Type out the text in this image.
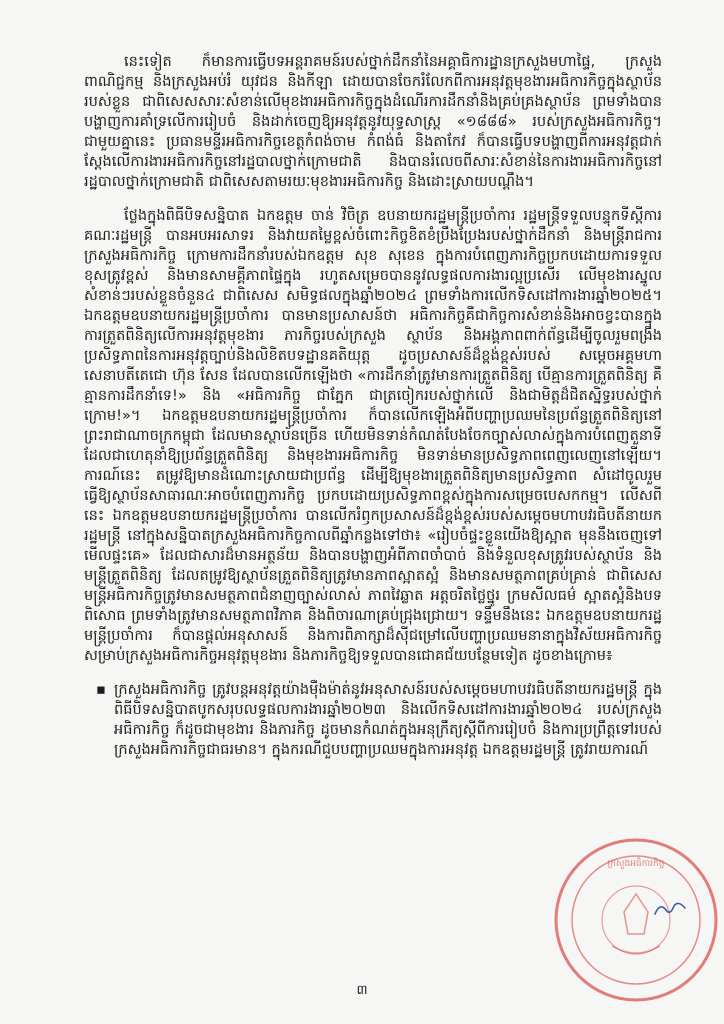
នេះទៀត ក៏មានការធ្វើបទអន្តរាគមន៍របស់ថ្នាក់ដឹកនាំនៃអគ្គាធិការដ្ឋានក្រសួងមហាផ្ទៃ, ក្រសួងពាណិជ្ជកម្ម និងក្រសួងអប់រំ យុវជន និងកីឡា ដោយបានចែករំលែកពីការអនុវត្តមុខងារអធិការកិច្ចក្នុងស្ថាប័នរបស់ខ្លួន ជាពិសេសសារៈសំខាន់លើមុខងារអធិការកិច្ចក្នុងដំណើរការដឹកនាំនិងគ្រប់គ្រងស្ថាប័ន ព្រមទាំងបានបង្ហាញការគាំទ្រលើការរៀបចំ និងដាក់ចេញឱ្យអនុវត្តនូវយុទ្ធសាស្ត្រ «១៨៨៨» របស់ក្រសួងអធិការកិច្ច។ ជាមួយគ្នានេះ ប្រធានមន្ទីរអធិការកិច្ចខេត្តកំពង់ចាម កំពង់ធំ និងតាកែវ ក៏បានធ្វើបទបង្ហាញពីការអនុវត្តជាក់ស្តែងលើការងារអធិការកិច្ចនៅរដ្ឋបាលថ្នាក់ក្រោមជាតិ និងបានរំលេចពីសារៈសំខាន់នៃការងារអធិការកិច្ចនៅរដ្ឋបាលថ្នាក់ក្រោមជាតិ ជាពិសេសតាមរយៈមុខងារអធិការកិច្ច និងដោះស្រាយបណ្តឹង។

ថ្លែងក្នុងពិធីបិទសន្និបាត ឯកឧត្តម ចាន់ វិចិត្រ ឧបនាយករដ្ឋមន្ត្រីប្រចាំការ រដ្ឋមន្ត្រីទទួលបន្ទុកទីស្តីការគណៈរដ្ឋមន្ត្រី បានអបអរសាទរ និងវាយតម្លៃខ្ពស់ចំពោះកិច្ចខិតខំប្រឹងប្រែងរបស់ថ្នាក់ដឹកនាំ និងមន្ត្រីរាជការក្រសួងអធិការកិច្ច ក្រោមការដឹកនាំរបស់ឯកឧត្តម សុខ សុខេន ក្នុងការបំពេញភារកិច្ចប្រកបដោយការទទួលខុសត្រូវខ្ពស់ និងមានសាមគ្គីភាពផ្ទៃក្នុង រហូតសម្រេចបាននូវលទ្ធផលការងារល្អប្រសើរ លើមុខងារស្នូលសំខាន់ៗរបស់ខ្លួនចំនួន៤ ជាពិសេស សមិទ្ធផលក្នុងឆ្នាំ២០២៤ ព្រមទាំងការលើកទិសដៅការងារឆ្នាំ២០២៥។ ឯកឧត្តមឧបនាយករដ្ឋមន្ត្រីប្រចាំការ បានមានប្រសាសន៍ថា អធិការកិច្ចគឺជាកិច្ចការសំខាន់និងអាចខ្វះបានក្នុងការត្រួតពិនិត្យលើការអនុវត្តមុខងារ ភារកិច្ចរបស់ក្រសួង ស្ថាប័ន និងអង្គភាពពាក់ព័ន្ធដើម្បីចូលរួមពង្រឹងប្រសិទ្ធភាពនៃការអនុវត្តច្បាប់និងលិខិតបទដ្ឋានគតិយុត្ត ដូចប្រសាសន៍ដ៏ខ្ពង់ខ្ពស់របស់ សម្តេចអគ្គមហាសេនាបតីតេជោ ហ៊ុន សែន ដែលបានលើកឡើងថា «ការដឹកនាំត្រូវមានការត្រួតពិនិត្យ បើគ្មានការត្រួតពិនិត្យ គឺគ្មានការដឹកនាំទេ!» និង «អធិការកិច្ច ជាភ្នែក ជាត្រចៀករបស់ថ្នាក់លើ និងជាមិត្តដ៏ជិតស្និទ្ធរបស់ថ្នាក់ក្រោម!»។ ឯកឧត្តមឧបនាយករដ្ឋមន្ត្រីប្រចាំការ ក៏បានលើកឡើងអំពីបញ្ហាប្រឈមនៃប្រព័ន្ធត្រួតពិនិត្យនៅព្រះរាជាណាចក្រកម្ពុជា ដែលមានស្ថាប័នច្រើន ហើយមិនទាន់កំណត់បែងចែកច្បាស់លាស់ក្នុងការបំពេញតួនាទី ដែលជាហេតុនាំឱ្យប្រព័ន្ធត្រួតពិនិត្យ និងមុខងារអធិការកិច្ច មិនទាន់មានប្រសិទ្ធភាពពេញលេញនៅឡើយ។ ការណ៍នេះ តម្រូវឱ្យមានដំណោះស្រាយជាប្រព័ន្ធ ដើម្បីឱ្យមុខងារត្រួតពិនិត្យមានប្រសិទ្ធភាព សំដៅចូលរួមធ្វើឱ្យស្ថាប័នសាធារណៈអាចបំពេញភារកិច្ច ប្រកបដោយប្រសិទ្ធភាពខ្ពស់ក្នុងការសម្រេចបេសកកម្ម។ លើសពីនេះ ឯកឧត្តមឧបនាយករដ្ឋមន្ត្រីប្រចាំការ បានលើករំឭកប្រសាសន៍ដ៏ខ្ពង់ខ្ពស់របស់សម្តេចមហាបវរធិបតីនាយករដ្ឋមន្ត្រី នៅក្នុងសន្និបាតក្រសួងអធិការកិច្ចកាលពីឆ្នាំកន្លងទៅថា៖ «រៀបចំផ្ទះខ្លួនយើងឱ្យស្អាត មុននឹងចេញទៅមើលផ្ទះគេ» ដែលជាសារដ៏មានអត្ថន័យ និងបានបង្ហាញអំពីភាពចាំបាច់ និងទំនួលខុសត្រូវរបស់ស្ថាប័ន និងមន្ត្រីត្រួតពិនិត្យ ដែលតម្រូវឱ្យស្ថាប័នត្រួតពិនិត្យត្រូវមានភាពស្អាតស្អំ និងមានសមត្ថភាពគ្រប់គ្រាន់ ជាពិសេស មន្ត្រីអធិការកិច្ចត្រូវមានសមត្ថភាពជំនាញច្បាស់លាស់ ភាពវៃឆ្លាត អត្តចរិតថ្លៃថ្នូរ ក្រមសីលធម៌ ស្អាតស្អំនិងបទពិសោធ ព្រមទាំងត្រូវមានសមត្ថភាពវិភាគ និងពិចារណាគ្រប់ជ្រុងជ្រោយ។ ទន្ទឹមនឹងនេះ ឯកឧត្តមឧបនាយករដ្ឋមន្ត្រីប្រចាំការ ក៏បានផ្តល់អនុសាសន៍ និងការពិភាក្សាដ៏ស៊ីជម្រៅលើបញ្ហាប្រឈមនានាក្នុងវិស័យអធិការកិច្ច សម្រាប់ក្រសួងអធិការកិច្ចអនុវត្តមុខងារ និងភារកិច្ចឱ្យទទួលបានជោគជ័យបន្ថែមទៀត ដូចខាងក្រោម៖

▪ ក្រសួងអធិការកិច្ច ត្រូវបន្តអនុវត្តយ៉ាងម៉ឺងម៉ាត់នូវអនុសាសន៍របស់សម្តេចមហាបវរធិបតីនាយករដ្ឋមន្ត្រី ក្នុងពិធីបិទសន្និបាតបូកសរុបលទ្ធផលការងារឆ្នាំ២០២៣ និងលើកទិសដៅការងារឆ្នាំ២០២៤ របស់ក្រសួងអធិការកិច្ច ក៏ដូចជាមុខងារ និងភារកិច្ច ដូចមានកំណត់ក្នុងអនុក្រឹត្យស្តីពីការរៀបចំ និងការប្រព្រឹត្តទៅរបស់ក្រសួងអធិការកិច្ចជាធរមាន។ ក្នុងករណីជួបបញ្ហាប្រឈមក្នុងការអនុវត្ត ឯកឧត្តមរដ្ឋមន្ត្រី ត្រូវរាយការណ៍
៣
ក្រសួងអធិការកិច្ច
